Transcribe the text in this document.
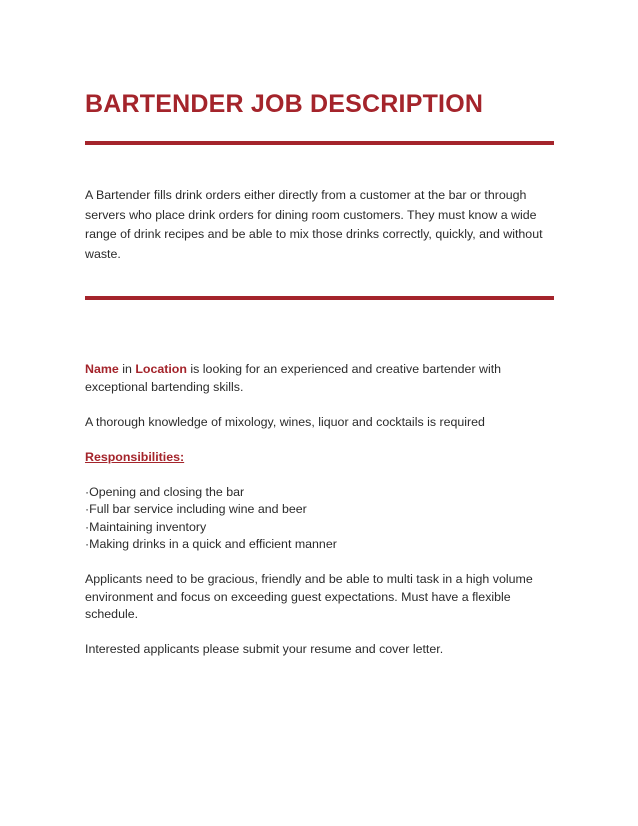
BARTENDER JOB DESCRIPTION

A Bartender fills drink orders either directly from a customer at the bar or through servers who place drink orders for dining room customers. They must know a wide range of drink recipes and be able to mix those drinks correctly, quickly, and without waste.

Name in Location is looking for an experienced and creative bartender with exceptional bartending skills.

A thorough knowledge of mixology, wines, liquor and cocktails is required

Responsibilities:

·Opening and closing the bar
·Full bar service including wine and beer
·Maintaining inventory
·Making drinks in a quick and efficient manner

Applicants need to be gracious, friendly and be able to multi task in a high volume environment and focus on exceeding guest expectations. Must have a flexible schedule.

Interested applicants please submit your resume and cover letter.
